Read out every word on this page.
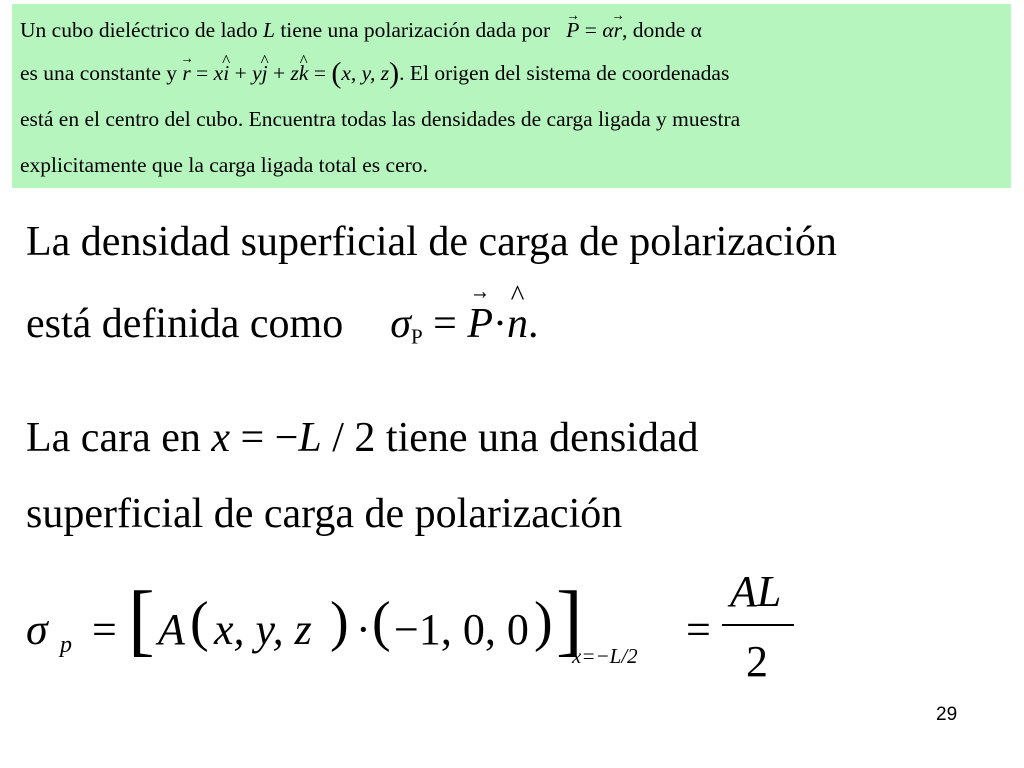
Un cubo dieléctrico de lado L tiene una polarización dada por → P = α→ r, donde α
es una constante y → r = x^ i + y^ j + z^ k = (x, y, z). El origen del sistema de coordenadas
está en el centro del cubo. Encuentra todas las densidades de carga ligada y muestra
explicitamente que la carga ligada total es cero.
La densidad superficial de carga de polarización
está definida como $\sigma_P$ = → P·^ n.
La cara en x = −L / 2 tiene una densidad
superficial de carga de polarización
σ p = [ A ( x, y, z ) · ( −1, 0, 0 ) ]
x=−L/2
=
AL
2
29
